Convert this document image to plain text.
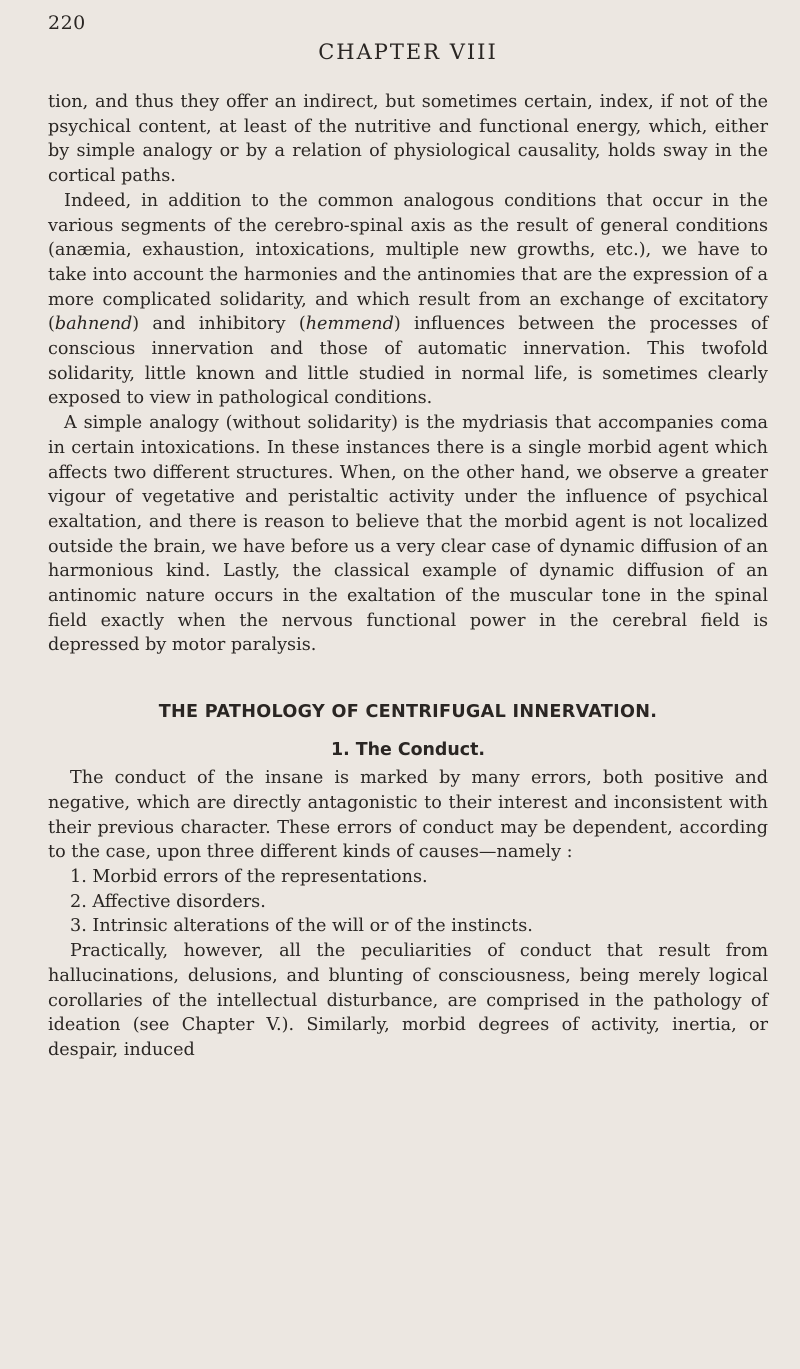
220
CHAPTER VIII

tion, and thus they offer an indirect, but sometimes certain, index, if not of the psychical content, at least of the nutritive and functional energy, which, either by simple analogy or by a relation of physiological causality, holds sway in the cortical paths.

Indeed, in addition to the common analogous conditions that occur in the various segments of the cerebro-spinal axis as the result of general conditions (anæmia, exhaustion, intoxications, multiple new growths, etc.), we have to take into account the harmonies and the antinomies that are the expression of a more complicated solidarity, and which result from an exchange of excitatory (bahnend) and inhibitory (hemmend) influences between the processes of conscious innervation and those of automatic innervation. This twofold solidarity, little known and little studied in normal life, is sometimes clearly exposed to view in pathological conditions.

A simple analogy (without solidarity) is the mydriasis that accompanies coma in certain intoxications. In these instances there is a single morbid agent which affects two different structures. When, on the other hand, we observe a greater vigour of vegetative and peristaltic activity under the influence of psychical exaltation, and there is reason to believe that the morbid agent is not localized outside the brain, we have before us a very clear case of dynamic diffusion of an harmonious kind. Lastly, the classical example of dynamic diffusion of an antinomic nature occurs in the exaltation of the muscular tone in the spinal field exactly when the nervous functional power in the cerebral field is depressed by motor paralysis.

THE PATHOLOGY OF CENTRIFUGAL INNERVATION.
1. The Conduct.

The conduct of the insane is marked by many errors, both positive and negative, which are directly antagonistic to their interest and inconsistent with their previous character. These errors of conduct may be dependent, according to the case, upon three different kinds of causes—namely :

1. Morbid errors of the representations.
2. Affective disorders.
3. Intrinsic alterations of the will or of the instincts.

Practically, however, all the peculiarities of conduct that result from hallucinations, delusions, and blunting of consciousness, being merely logical corollaries of the intellectual disturbance, are comprised in the pathology of ideation (see Chapter V.). Similarly, morbid degrees of activity, inertia, or despair, induced
